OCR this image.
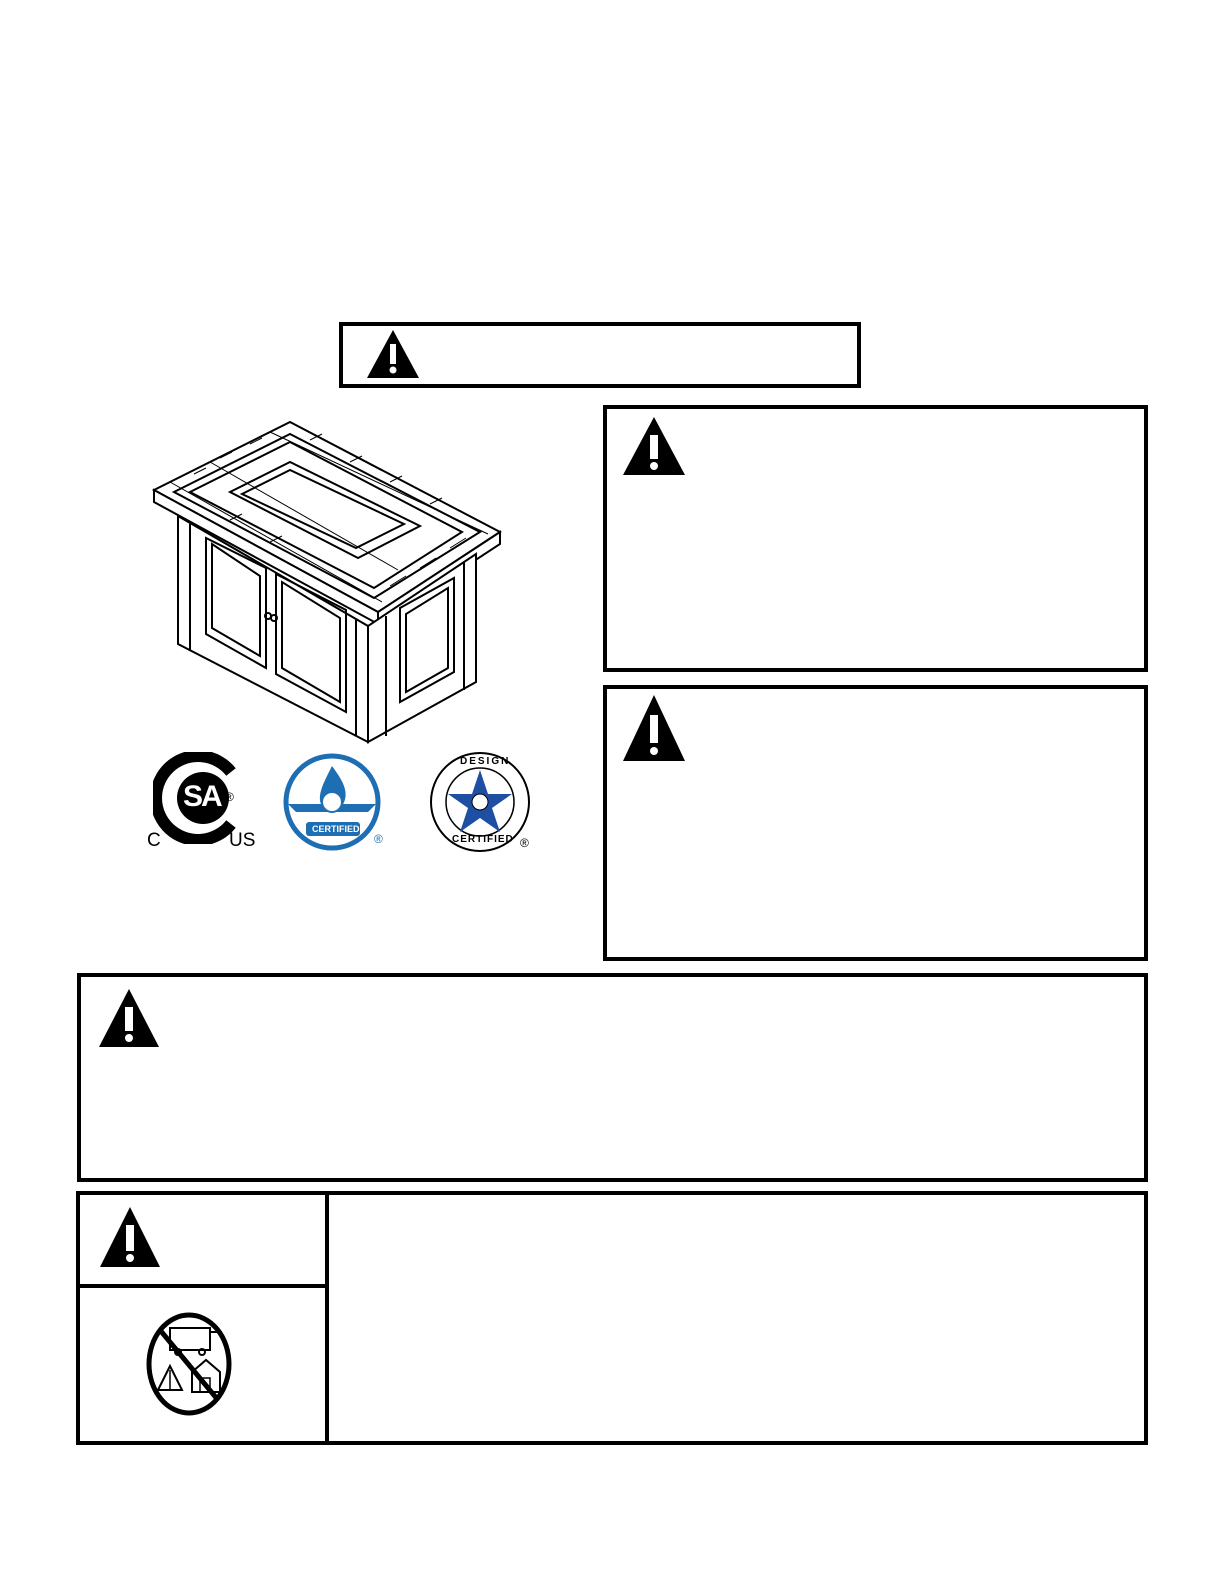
SA ®
C	US
CERTIFIED
®
DESIGN
CERTIFIED ®
